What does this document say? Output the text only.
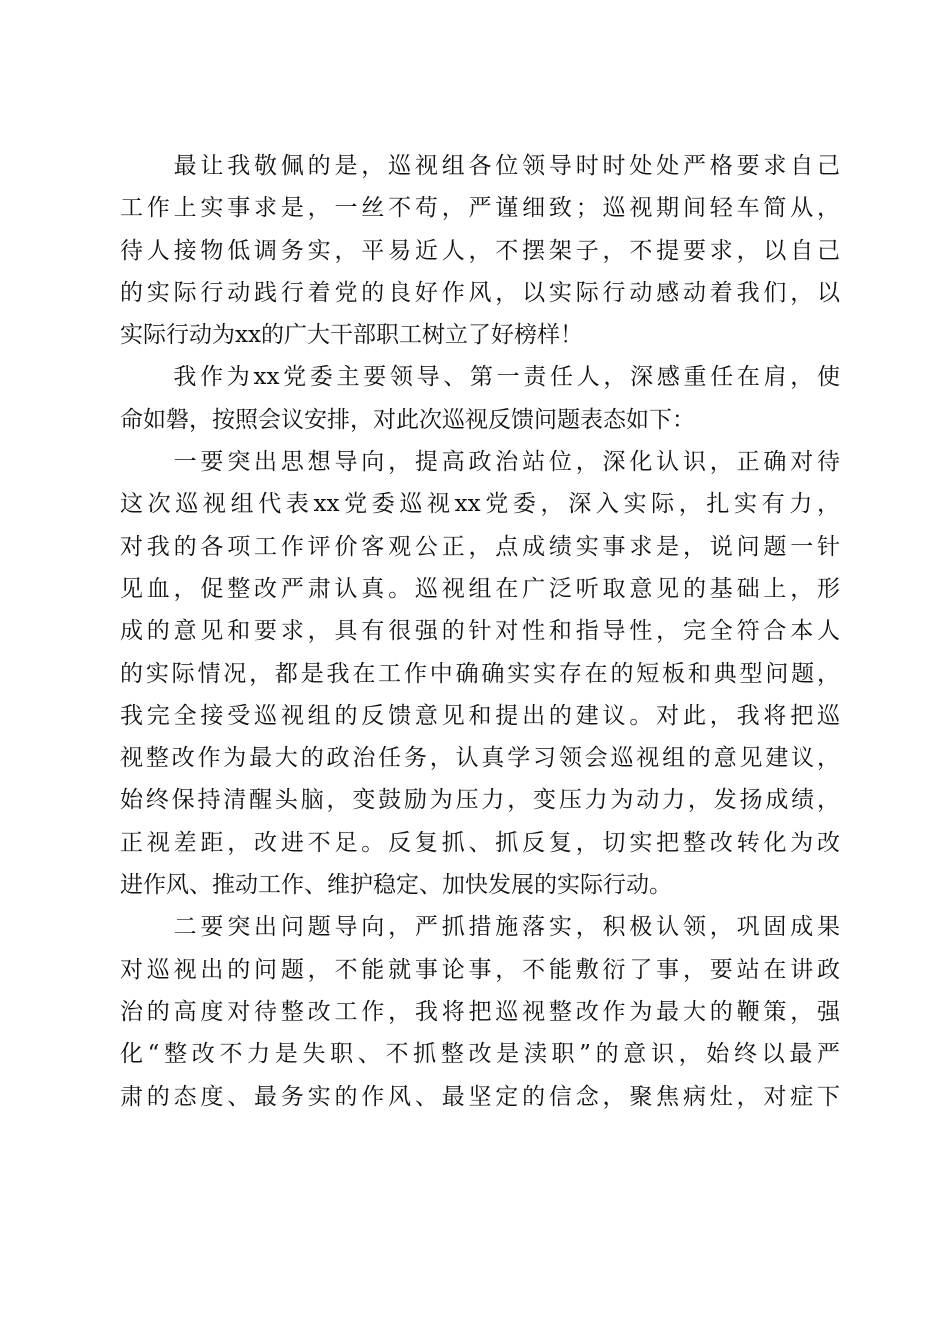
　　最让我敬佩的是，巡视组各位领导时时处处严格要求自己
工作上实事求是，一丝不苟，严谨细致；巡视期间轻车简从，
待人接物低调务实，平易近人，不摆架子，不提要求，以自己
的实际行动践行着党的良好作风，以实际行动感动着我们，以
实际行动为xx的广大干部职工树立了好榜样！
　　我作为xx党委主要领导、第一责任人，深感重任在肩，使
命如磐，按照会议安排，对此次巡视反馈问题表态如下：
　　一要突出思想导向，提高政治站位，深化认识，正确对待
这次巡视组代表xx党委巡视xx党委，深入实际，扎实有力，
对我的各项工作评价客观公正，点成绩实事求是，说问题一针
见血，促整改严肃认真。巡视组在广泛听取意见的基础上，形
成的意见和要求，具有很强的针对性和指导性，完全符合本人
的实际情况，都是我在工作中确确实实存在的短板和典型问题，
我完全接受巡视组的反馈意见和提出的建议。对此，我将把巡
视整改作为最大的政治任务，认真学习领会巡视组的意见建议，
始终保持清醒头脑，变鼓励为压力，变压力为动力，发扬成绩，
正视差距，改进不足。反复抓、抓反复，切实把整改转化为改
进作风、推动工作、维护稳定、加快发展的实际行动。
　　二要突出问题导向，严抓措施落实，积极认领，巩固成果
对巡视出的问题，不能就事论事，不能敷衍了事，要站在讲政
治的高度对待整改工作，我将把巡视整改作为最大的鞭策，强
化“整改不力是失职、不抓整改是渎职”的意识，始终以最严
肃的态度、最务实的作风、最坚定的信念，聚焦病灶，对症下
